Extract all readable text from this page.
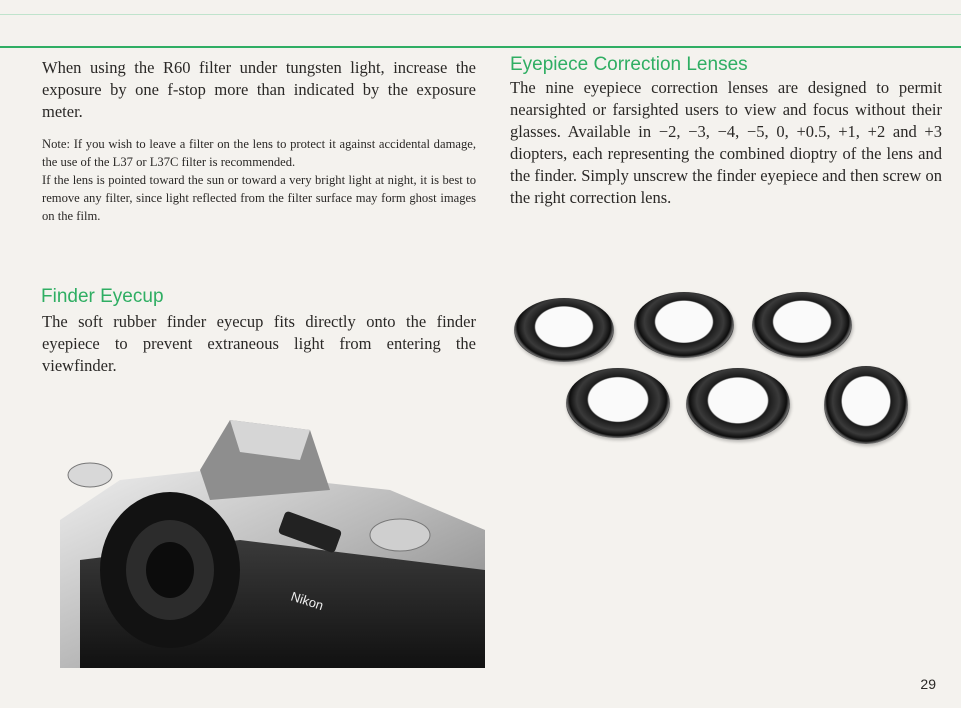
When using the R60 filter under tungsten light, increase the exposure by one f-stop more than indicated by the exposure meter.

Note: If you wish to leave a filter on the lens to protect it against accidental damage, the use of the L37 or L37C filter is recommended.

If the lens is pointed toward the sun or toward a very bright light at night, it is best to remove any filter, since light reflected from the filter surface may form ghost images on the film.

Finder Eyecup
The soft rubber finder eyecup fits directly onto the finder eyepiece to prevent extraneous light from entering the viewfinder.
Eyepiece Correction Lenses
The nine eyepiece correction lenses are designed to permit nearsighted or farsighted users to view and focus without their glasses. Available in −2, −3, −4, −5, 0, +0.5, +1, +2 and +3 diopters, each representing the combined dioptry of the lens and the finder. Simply unscrew the finder eyepiece and then screw on the right correction lens.
Nikon
29
